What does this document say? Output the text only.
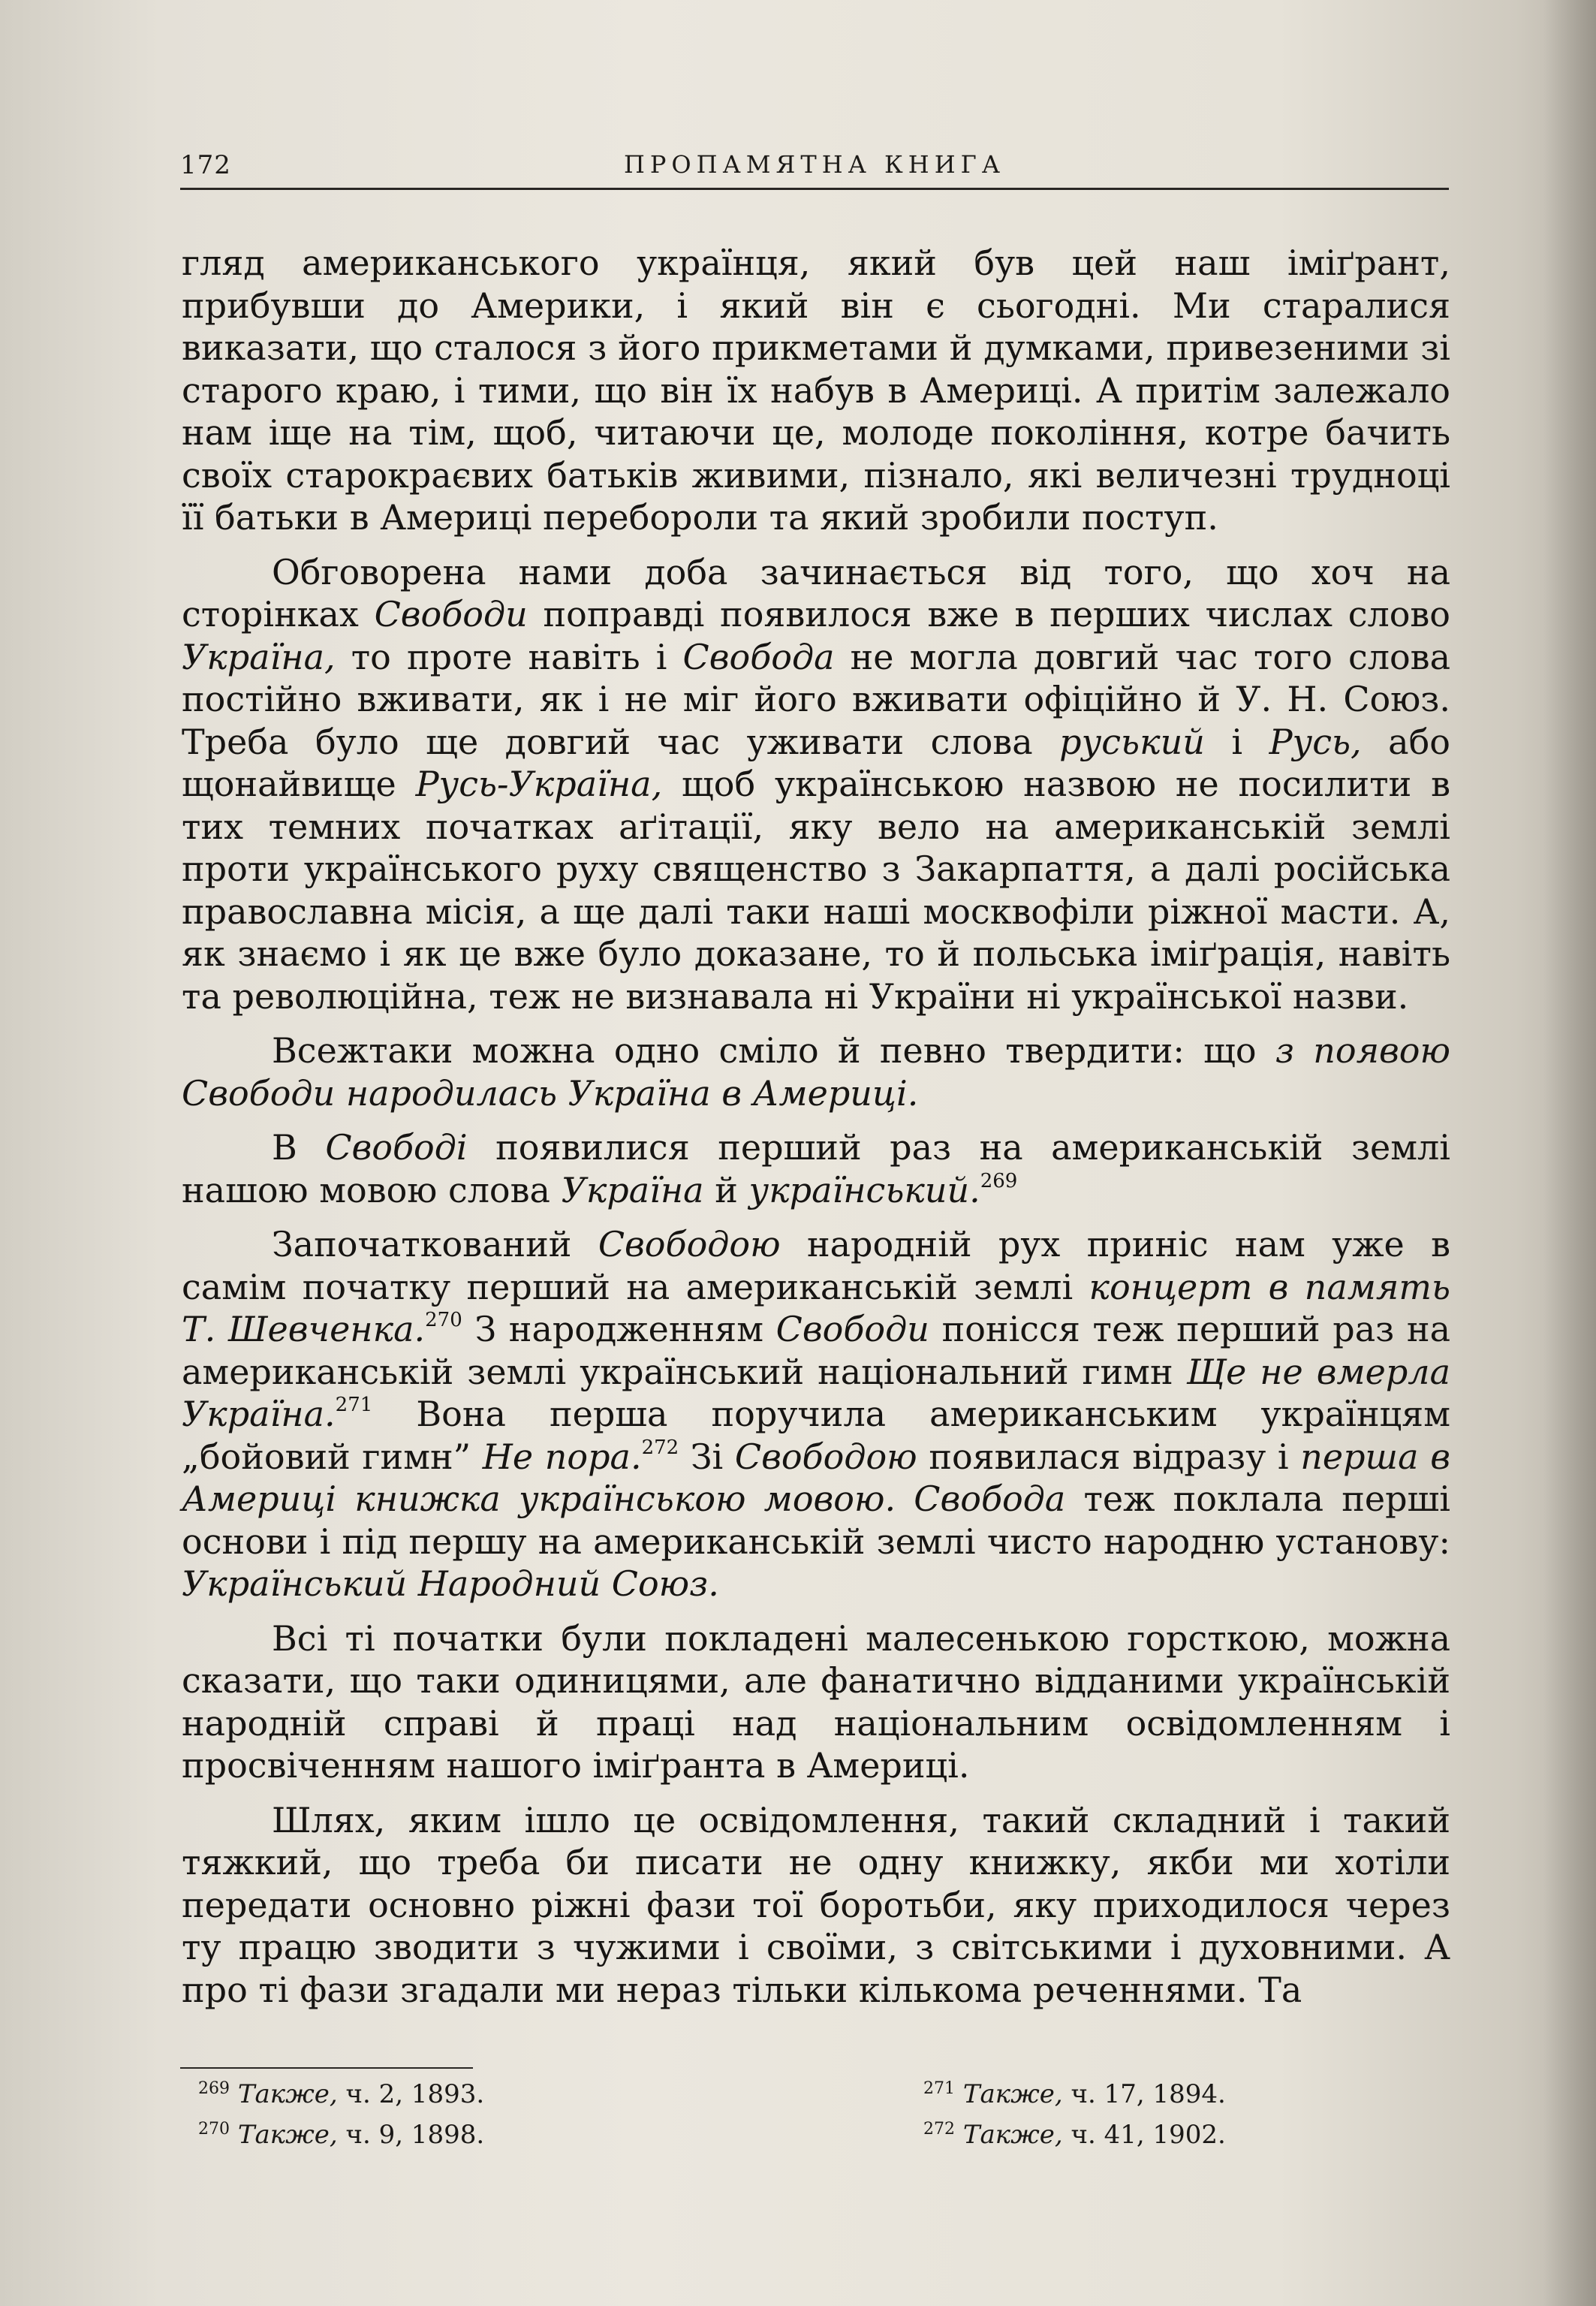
172	ПРОПАМЯТНА КНИГА

гляд американського українця, який був цей наш іміґрант, прибувши до Америки, і який він є сьогодні. Ми старалися виказати, що сталося з його прикметами й думками, привезеними зі старого краю, і тими, що він їх набув в Америці. А притім залежало нам іще на тім, щоб, читаючи це, молоде покоління, котре бачить своїх старокраєвих батьків живими, пізнало, які величезні трудноці її батьки в Америці перебороли та який зробили поступ.

Обговорена нами доба зачинається від того, що хоч на сторінках Свободи поправді появилося вже в перших числах слово Україна, то проте навіть і Свобода не могла довгий час того слова постійно вживати, як і не міг його вживати офіційно й У. Н. Союз. Треба було ще довгий час уживати слова руський і Русь, або щонайвище Русь-Україна, щоб українською назвою не посилити в тих темних початках аґітації, яку вело на американській землі проти українського руху священство з Закарпаття, а далі російська православна місія, а ще далі таки наші москвофіли ріжної масти. А, як знаємо і як це вже було доказане, то й польська іміґрація, навіть та революційна, теж не визнавала ні України ні української назви.

Всежтаки можна одно сміло й певно твердити: що з появою Свободи народилась Україна в Америці.

В Свободі появилися перший раз на американській землі нашою мовою слова Україна й український.$^{269}$

Започаткований Свободою народній рух приніс нам уже в самім початку перший на американській землі концерт в память Т. Шевченка.$^{270}$ З народженням Свободи понісся теж перший раз на американській землі український національний гимн Ще не вмерла Україна.$^{271}$ Вона перша поручила американським українцям „бойовий гимн” Не пора.$^{272}$ Зі Свободою появилася відразу і перша в Америці книжка українською мовою. Свобода теж поклала перші основи і під першу на американській землі чисто народню установу: Український Народний Союз.

Всі ті початки були покладені малесенькою горсткою, можна сказати, що таки одиницями, але фанатично відданими українській народній справі й праці над національним освідомленням і просвіченням нашого іміґранта в Америці.

Шлях, яким ішло це освідомлення, такий складний і такий тяжкий, що треба би писати не одну книжку, якби ми хотіли передати основно ріжні фази тої боротьби, яку приходилося через ту працю зводити з чужими і своїми, з світськими і духовними. А про ті фази згадали ми нераз тільки кількома реченнями. Та

$^{269}$ Также, ч. 2, 1893.
$^{270}$ Также, ч. 9, 1898.
$^{271}$ Также, ч. 17, 1894.
$^{272}$ Также, ч. 41, 1902.
